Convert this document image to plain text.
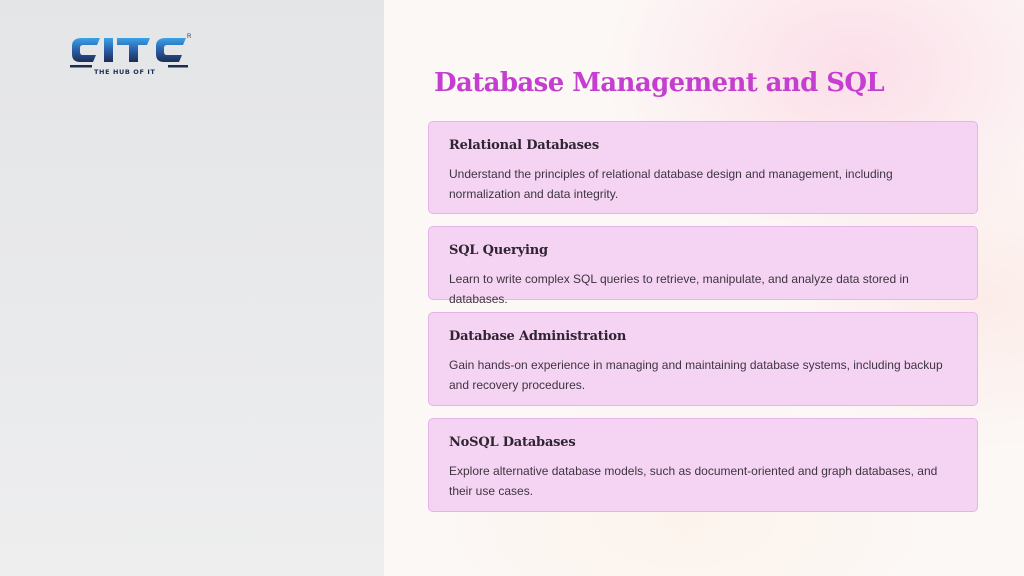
THE HUB OF IT
R
Database Management and SQL
Relational Databases

Understand the principles of relational database design and management, including normalization and data integrity.

SQL Querying

Learn to write complex SQL queries to retrieve, manipulate, and analyze data stored in databases.

Database Administration

Gain hands-on experience in managing and maintaining database systems, including backup and recovery procedures.

NoSQL Databases

Explore alternative database models, such as document-oriented and graph databases, and their use cases.
